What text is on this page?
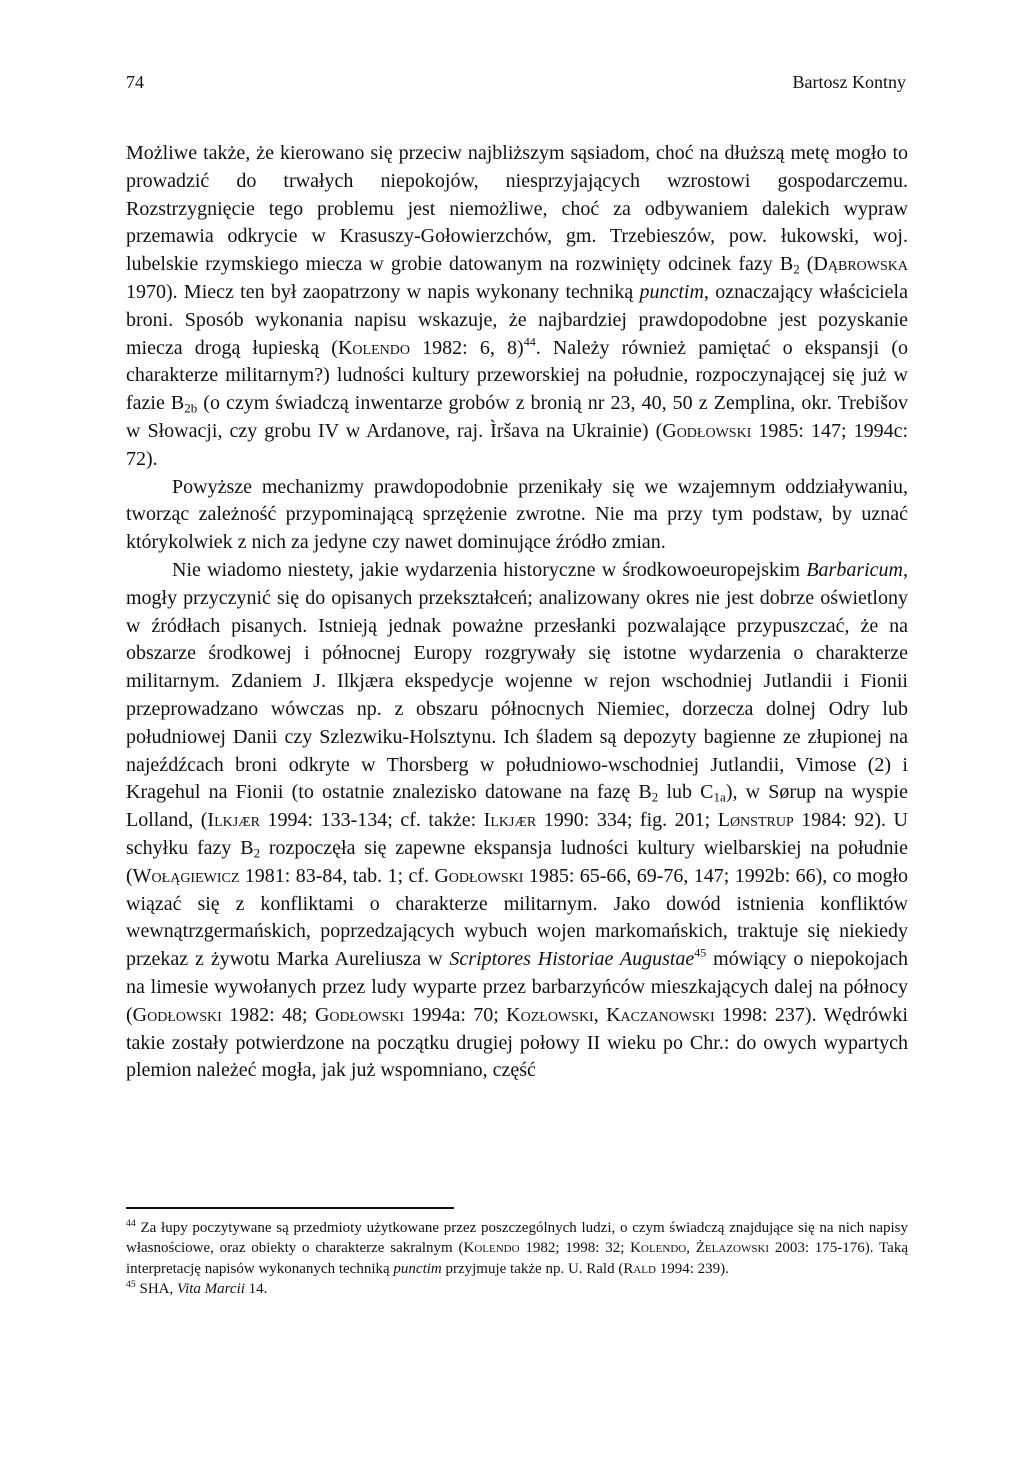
74	Bartosz Kontny

Możliwe także, że kierowano się przeciw najbliższym sąsiadom, choć na dłuższą metę mogło to prowadzić do trwałych niepokojów, niesprzyjających wzrostowi gospodarczemu. Rozstrzygnięcie tego problemu jest niemożliwe, choć za odbywaniem dalekich wypraw przemawia odkrycie w Krasuszy-Gołowierzchów, gm. Trzebieszów, pow. łukowski, woj. lubelskie rzymskiego miecza w grobie datowanym na rozwinięty odcinek fazy $B_2$ (Dąbrowska 1970). Miecz ten był zaopatrzony w napis wykonany techniką punctim, oznaczający właściciela broni. Sposób wykonania napisu wskazuje, że najbardziej prawdopodobne jest pozyskanie miecza drogą łupieską (Kolendo 1982: 6, 8)$^{44}$. Należy również pamiętać o ekspansji (o charakterze militarnym?) ludności kultury przeworskiej na południe, rozpoczynającej się już w fazie $B_{2b}$ (o czym świadczą inwentarze grobów z bronią nr 23, 40, 50 z Zemplina, okr. Trebišov w Słowacji, czy grobu IV w Ardanove, raj. Ìršava na Ukrainie) (Godłowski 1985: 147; 1994c: 72).

Powyższe mechanizmy prawdopodobnie przenikały się we wzajemnym oddziaływaniu, tworząc zależność przypominającą sprzężenie zwrotne. Nie ma przy tym podstaw, by uznać którykolwiek z nich za jedyne czy nawet dominujące źródło zmian.

Nie wiadomo niestety, jakie wydarzenia historyczne w środkowoeuropejskim Barbaricum, mogły przyczynić się do opisanych przekształceń; analizowany okres nie jest dobrze oświetlony w źródłach pisanych. Istnieją jednak poważne przesłanki pozwalające przypuszczać, że na obszarze środkowej i północnej Europy rozgrywały się istotne wydarzenia o charakterze militarnym. Zdaniem J. Ilkjæra ekspedycje wojenne w rejon wschodniej Jutlandii i Fionii przeprowadzano wówczas np. z obszaru północnych Niemiec, dorzecza dolnej Odry lub południowej Danii czy Szlezwiku-Holsztynu. Ich śladem są depozyty bagienne ze złupionej na najeźdźcach broni odkryte w Thorsberg w południowo-wschodniej Jutlandii, Vimose (2) i Kragehul na Fionii (to ostatnie znalezisko datowane na fazę $B_2$ lub $C_{1a}$), w Sørup na wyspie Lolland, (Ilkjær 1994: 133-134; cf. także: Ilkjær 1990: 334; fig. 201; Lønstrup 1984: 92). U schyłku fazy $B_2$ rozpoczęła się zapewne ekspansja ludności kultury wielbarskiej na południe (Wołągiewicz 1981: 83-84, tab. 1; cf. Godłowski 1985: 65-66, 69-76, 147; 1992b: 66), co mogło wiązać się z konfliktami o charakterze militarnym. Jako dowód istnienia konfliktów wewnątrzgermańskich, poprzedzających wybuch wojen markomańskich, traktuje się niekiedy przekaz z żywotu Marka Aureliusza w Scriptores Historiae Augustae$^{45}$ mówiący o niepokojach na limesie wywołanych przez ludy wyparte przez barbarzyńców mieszkających dalej na północy (Godłowski 1982: 48; Godłowski 1994a: 70; Kozłowski, Kaczanowski 1998: 237). Wędrówki takie zostały potwierdzone na początku drugiej połowy II wieku po Chr.: do owych wypartych plemion należeć mogła, jak już wspomniano, część

$^{44}$ Za łupy poczytywane są przedmioty użytkowane przez poszczególnych ludzi, o czym świadczą znajdujące się na nich napisy własnościowe, oraz obiekty o charakterze sakralnym (Kolendo 1982; 1998: 32; Kolendo, Żelazowski 2003: 175-176). Taką interpretację napisów wykonanych techniką punctim przyjmuje także np. U. Rald (Rald 1994: 239).

$^{45}$ SHA, Vita Marcii 14.
